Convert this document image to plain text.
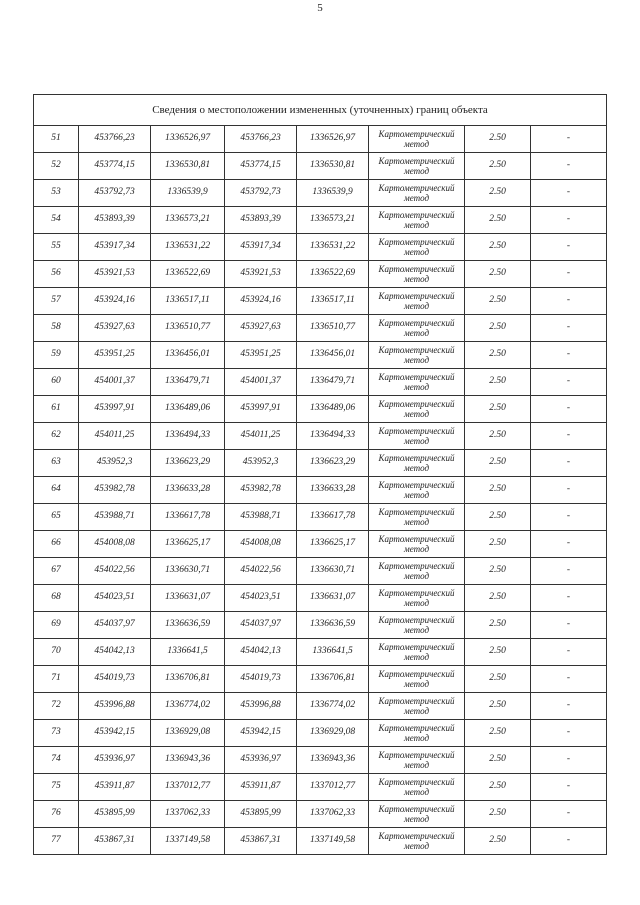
5
Сведения о местоположении измененных (уточненных) границ объекта							
51	453766,23	1336526,97	453766,23	1336526,97	Картометрический метод	2.50	-
52	453774,15	1336530,81	453774,15	1336530,81	Картометрический метод	2.50	-
53	453792,73	1336539,9	453792,73	1336539,9	Картометрический метод	2.50	-
54	453893,39	1336573,21	453893,39	1336573,21	Картометрический метод	2.50	-
55	453917,34	1336531,22	453917,34	1336531,22	Картометрический метод	2.50	-
56	453921,53	1336522,69	453921,53	1336522,69	Картометрический метод	2.50	-
57	453924,16	1336517,11	453924,16	1336517,11	Картометрический метод	2.50	-
58	453927,63	1336510,77	453927,63	1336510,77	Картометрический метод	2.50	-
59	453951,25	1336456,01	453951,25	1336456,01	Картометрический метод	2.50	-
60	454001,37	1336479,71	454001,37	1336479,71	Картометрический метод	2.50	-
61	453997,91	1336489,06	453997,91	1336489,06	Картометрический метод	2.50	-
62	454011,25	1336494,33	454011,25	1336494,33	Картометрический метод	2.50	-
63	453952,3	1336623,29	453952,3	1336623,29	Картометрический метод	2.50	-
64	453982,78	1336633,28	453982,78	1336633,28	Картометрический метод	2.50	-
65	453988,71	1336617,78	453988,71	1336617,78	Картометрический метод	2.50	-
66	454008,08	1336625,17	454008,08	1336625,17	Картометрический метод	2.50	-
67	454022,56	1336630,71	454022,56	1336630,71	Картометрический метод	2.50	-
68	454023,51	1336631,07	454023,51	1336631,07	Картометрический метод	2.50	-
69	454037,97	1336636,59	454037,97	1336636,59	Картометрический метод	2.50	-
70	454042,13	1336641,5	454042,13	1336641,5	Картометрический метод	2.50	-
71	454019,73	1336706,81	454019,73	1336706,81	Картометрический метод	2.50	-
72	453996,88	1336774,02	453996,88	1336774,02	Картометрический метод	2.50	-
73	453942,15	1336929,08	453942,15	1336929,08	Картометрический метод	2.50	-
74	453936,97	1336943,36	453936,97	1336943,36	Картометрический метод	2.50	-
75	453911,87	1337012,77	453911,87	1337012,77	Картометрический метод	2.50	-
76	453895,99	1337062,33	453895,99	1337062,33	Картометрический метод	2.50	-
77	453867,31	1337149,58	453867,31	1337149,58	Картометрический метод	2.50	-
